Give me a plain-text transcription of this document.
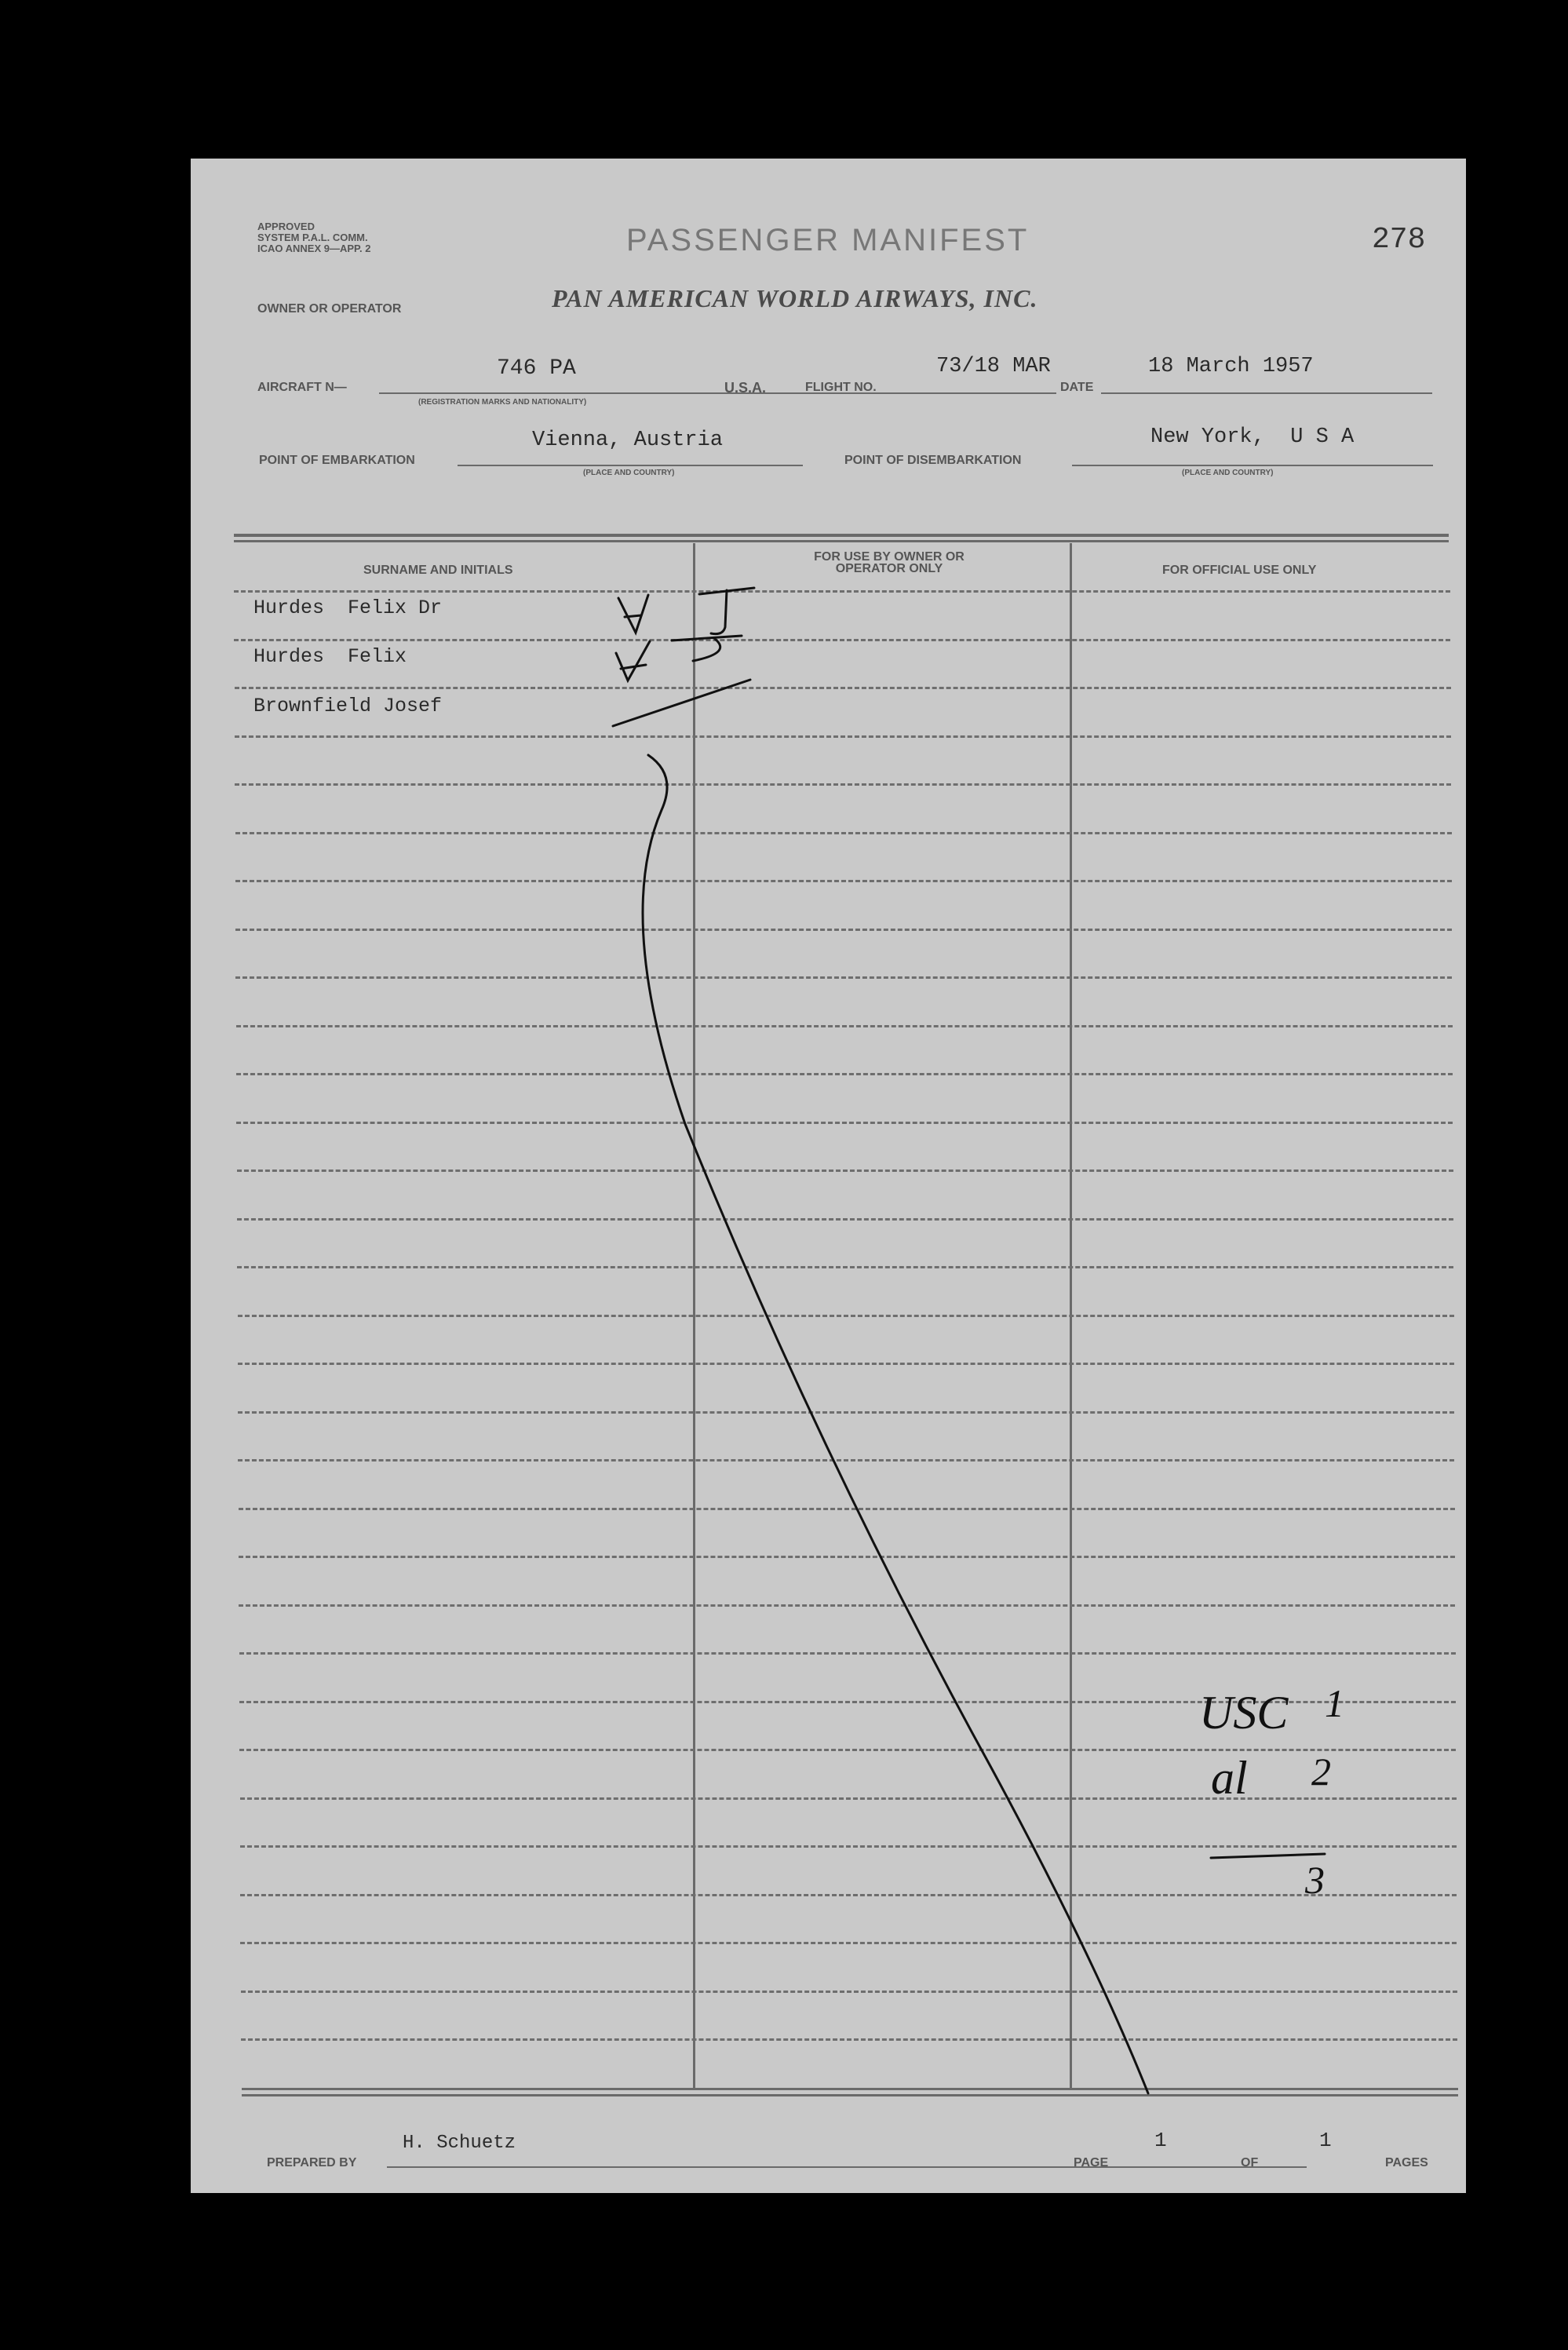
APPROVED
SYSTEM P.A.L. COMM.
ICAO ANNEX 9—APP. 2	PASSENGER MANIFEST	278
OWNER OR OPERATOR	PAN AMERICAN WORLD AIRWAYS, INC.
AIRCRAFT N—
746 PA
(REGISTRATION MARKS AND NATIONALITY)
U.S.A.	FLIGHT NO.
73/18 MAR
DATE
18 March 1957
POINT OF EMBARKATION
Vienna, Austria
(PLACE AND COUNTRY)
POINT OF DISEMBARKATION
New York,  U S A
(PLACE AND COUNTRY)
SURNAME AND INITIALS
FOR USE BY OWNER OR OPERATOR ONLY	FOR OFFICIAL USE ONLY
Hurdes  Felix Dr
Hurdes  Felix
Brownfield Josef
USC
al
1
2
3
PREPARED BY
H. Schuetz
PAGE
1
OF
1
PAGES
